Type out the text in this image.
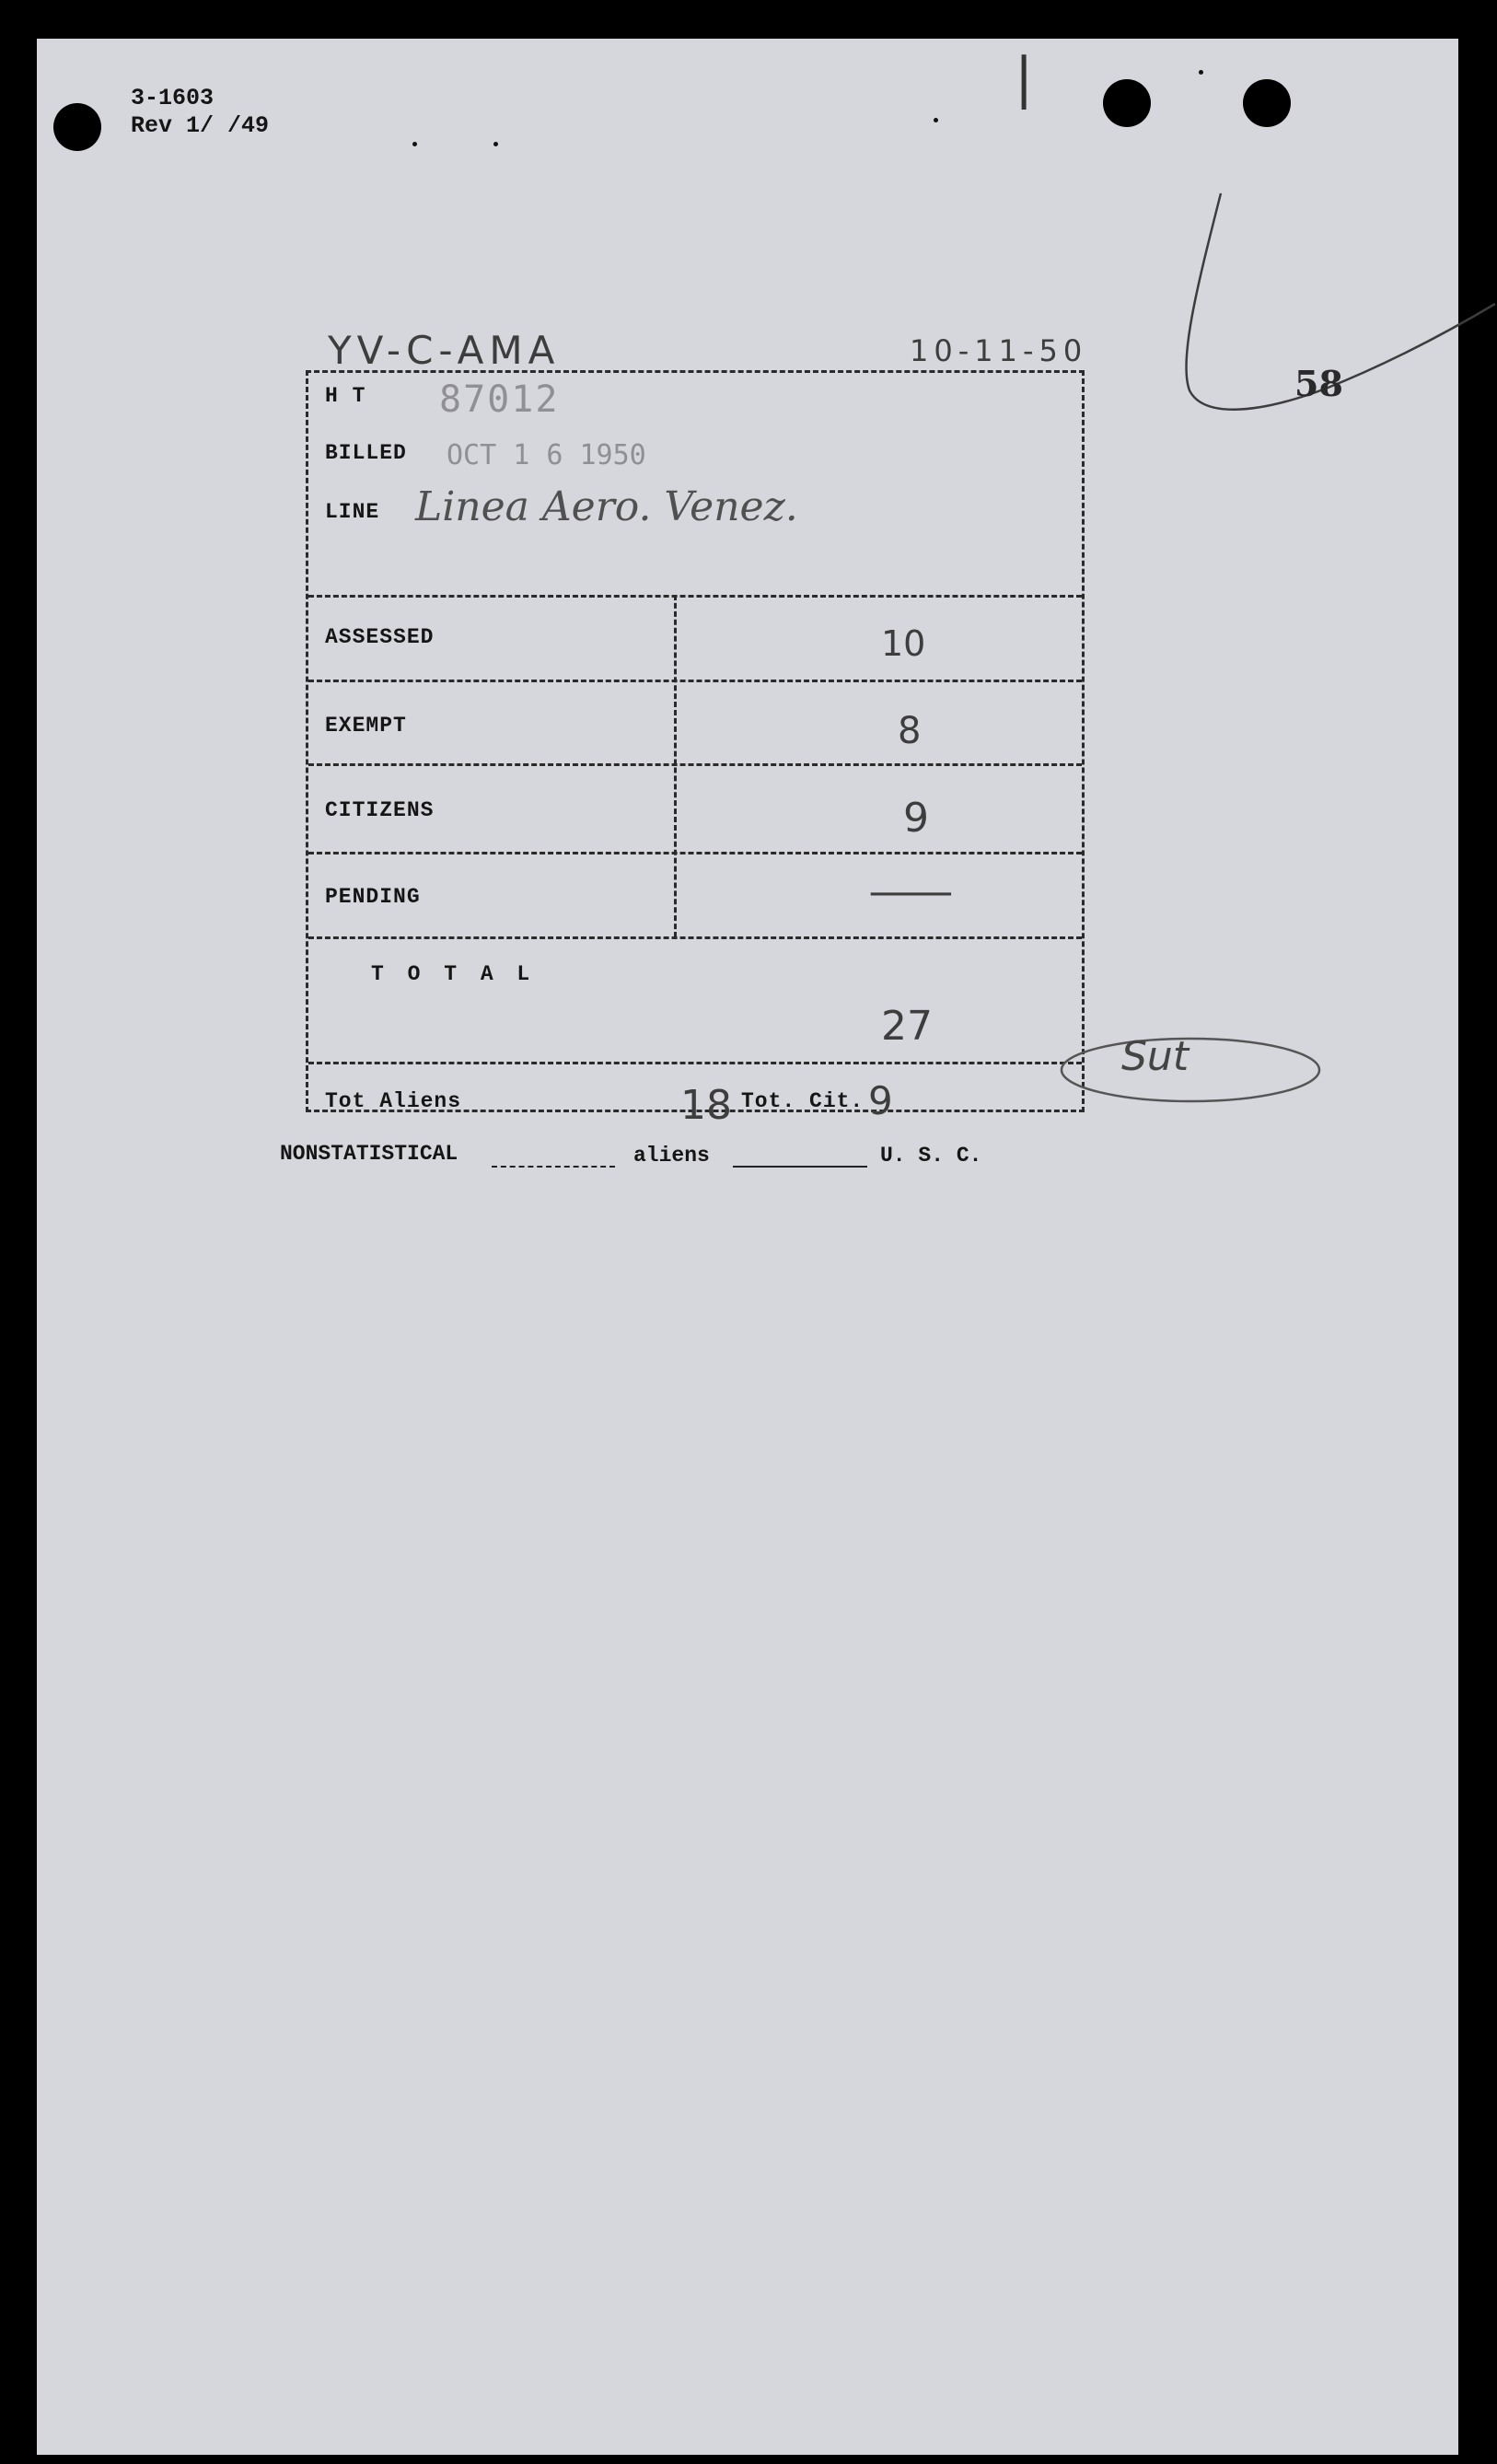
|
3-1603
Rev 1/ /49
58
YV-C-AMA	10-11-50
H T 87012
BILLED OCT 1 6 1950
LINE Linea Aero. Venez.
ASSESSED	10
EXEMPT	8
CITIZENS	9
PENDING	—
T O T A L
27
Tot Aliens	18 Tot. Cit. 9
Sut
NONSTATISTICAL	aliens	U. S. C.
